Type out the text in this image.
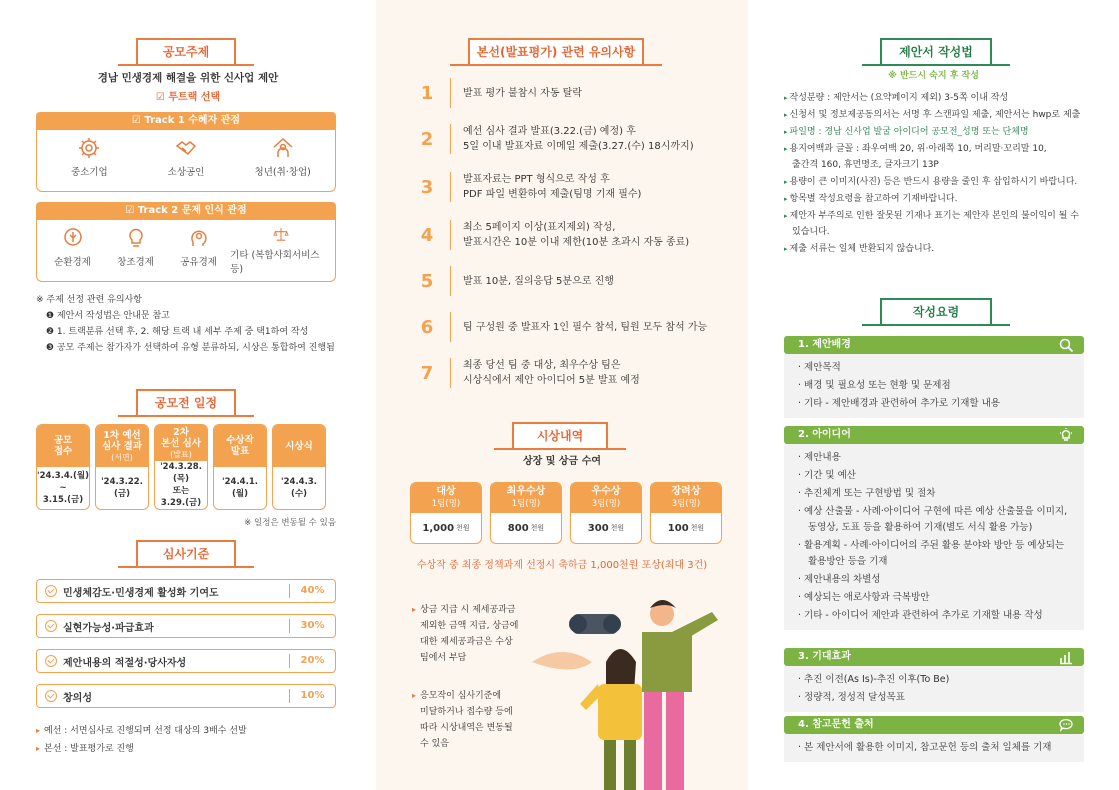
공모주제
경남 민생경제 해결을 위한 신사업 제안
☑ 투트랙 선택
☑ Track 1 수혜자 관점
중소기업	소상공인	청년(취·창업)
☑ Track 2 문제 인식 관점
순환경제	창조경제	공유경제
기타 (복합사회서비스 등)
※ 주제 선정 관련 유의사항
❶ 제안서 작성법은 안내문 참고
❷ 1. 트랙분류 선택 후, 2. 해당 트랙 내 세부 주제 중 택1하여 작성
❸ 공모 주제는 참가자가 선택하여 유형 분류하되, 시상은 통합하여 진행됨
공모전 일정
공모
접수
'24.3.4.(월)
~
3.15.(금)
1차 예선
심사 결과
(서면)
'24.3.22.
(금)
2차
본선 심사
(발표)
'24.3.28.(목)
또는
3.29.(금)
수상작
발표
'24.4.1.
(월)
시상식
'24.4.3.
(수)
※ 일정은 변동될 수 있음
심사기준
민생체감도·민생경제 활성화 기여도	40%
실현가능성·파급효과	30%
제안내용의 적절성·당사자성	20%
창의성	10%
▸ 예선 : 서면심사로 진행되며 선정 대상의 3배수 선발
▸ 본선 : 발표평가로 진행
본선(발표평가) 관련 유의사항
1	발표 평가 불참시 자동 탈락
2	예선 심사 결과 발표(3.22.(금) 예정) 후
5일 이내 발표자료 이메일 제출(3.27.(수) 18시까지)
3	발표자료는 PPT 형식으로 작성 후
PDF 파일 변환하여 제출(팀명 기재 필수)
4	최소 5페이지 이상(표지제외) 작성,
발표시간은 10분 이내 제한(10분 초과시 자동 종료)
5	발표 10분, 질의응답 5분으로 진행
6	팀 구성원 중 발표자 1인 필수 참석, 팀원 모두 참석 가능
7	최종 당선 팀 중 대상, 최우수상 팀은
시상식에서 제안 아이디어 5분 발표 예정
시상내역
상장 및 상금 수여
대상
1팀(명)
1,000 천원
최우수상
1팀(명)
800 천원
우수상
3팀(명)
300 천원
장려상
3팀(명)
100 천원
수상작 중 최종 정책과제 선정시 축하금 1,000천원 포상(최대 3건)
▸ 상금 지급 시 제세공과금
제외한 금액 지급, 상금에
대한 제세공과금은 수상
팀에서 부담
▸ 응모작이 심사기준에
미달하거나 접수량 등에
따라 시상내역은 변동될
수 있음
제안서 작성법
※ 반드시 숙지 후 작성
▸ 작성분량 : 제안서는 (요약페이지 제외) 3-5쪽 이내 작성
▸ 신청서 및 정보제공동의서는 서명 후 스캔파일 제출, 제안서는 hwp로 제출
▸ 파일명 : 경남 신사업 발굴 아이디어 공모전_성명 또는 단체명
▸ 용지여백과 글꼴 : 좌우여백 20, 위·아래쪽 10, 머리말·꼬리말 10,
출간격 160, 휴먼명조, 글자크기 13P
▸ 용량이 큰 이미지(사진) 등은 반드시 용량을 줄인 후 삽입하시기 바랍니다.
▸ 항목별 작성요령을 참고하여 기재바랍니다.
▸ 제안자 부주의로 인한 잘못된 기재나 표기는 제안자 본인의 불이익이 될 수
있습니다.
▸ 제출 서류는 일체 반환되지 않습니다.
작성요령
1. 제안배경
· 제안목적
· 배경 및 필요성 또는 현황 및 문제점
· 기타 - 제안배경과 관련하여 추가로 기재할 내용
2. 아이디어
· 제안내용
· 기간 및 예산
· 추진체계 또는 구현방법 및 절차
· 예상 산출물 - 사례·아이디어 구현에 따른 예상 산출물을 이미지,
동영상, 도표 등을 활용하여 기재(별도 서식 활용 가능)
· 활용계획 - 사례·아이디어의 주된 활용 분야와 방안 등 예상되는
활용방안 등을 기재
· 제안내용의 차별성
· 예상되는 애로사항과 극복방안
· 기타 - 아이디어 제안과 관련하여 추가로 기재할 내용 작성
3. 기대효과
· 추진 이전(As Is)-추진 이후(To Be)
· 정량적, 정성적 달성목표
4. 참고문헌 출처
· 본 제안서에 활용한 이미지, 참고문헌 등의 출처 일체를 기재
